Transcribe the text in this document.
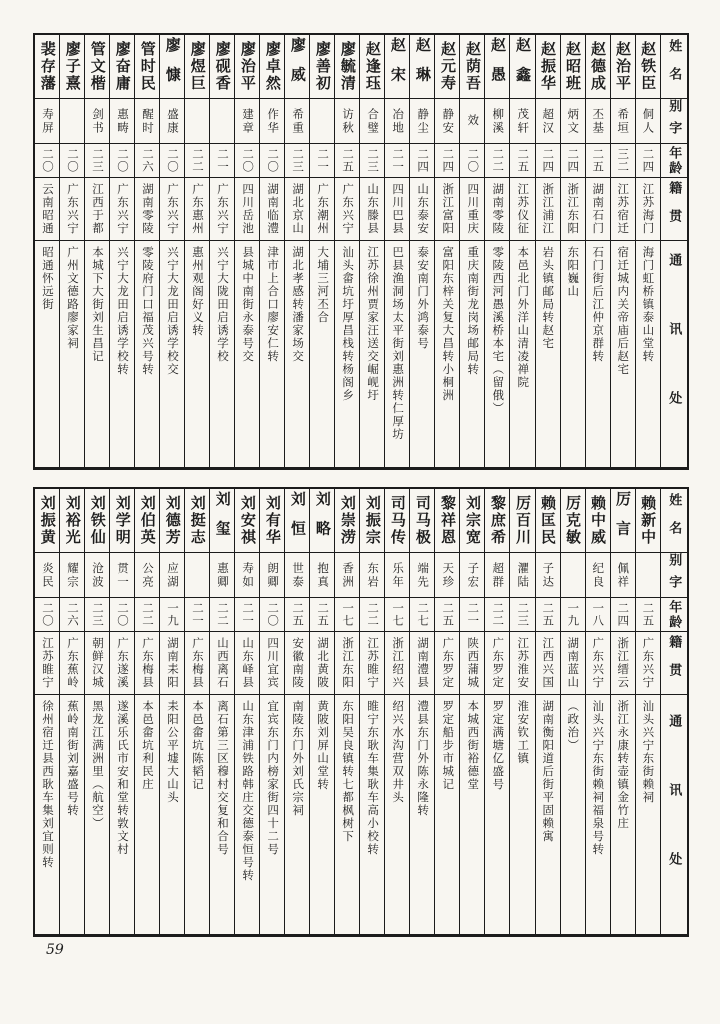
姓名
别字
年龄
籍贯
通讯处
赵铁臣
侗人
二四
江苏海门
海门虹桥镇泰山堂转
赵治平
希垣
三二
江苏宿迁
宿迁城内关帝庙后赵宅
赵德成
丕基
二五
湖南石门
石门街后江仲京群转
赵昭班
炳文
二四
浙江东阳
东阳巍山
赵振华
超汉
二四
浙江浦江
岩头镇邮局转赵宅
赵鑫
茂轩
二五
江苏仪征
本邑北门外洋山清凌禅院
赵愚
柳溪
二二
湖南零陵
零陵西河愚溪桥本宅（留俄）
赵荫吾
效
二〇
四川重庆
重庆南街龙岗场邮局转
赵元寿
静安
二四
浙江富阳
富阳东梓关复大昌转小桐洲
赵琳
静尘
二四
山东泰安
泰安南门外鸿泰号
赵宋
冶地
二一
四川巴县
巴县渔洞场太平街刘惠洲转仁厚坊
赵逢珏
合璧
二三
山东滕县
江苏徐州贾家汪送交崛岘圩
廖毓清
访秋
二五
广东兴宁
汕头畲坑圩厚昌栈转杨阁乡
廖善初
二一
广东潮州
大埔三河丕合
廖威
希重
二三
湖北京山
湖北孝感转潘家场交
廖卓然
作华
二〇
湖南临澧
津市上合口廖安仁转
廖治平
建章
二〇
四川岳池
县城中南街永泰号交
廖砚香
二一
广东兴宁
兴宁大陇田启诱学校
廖煜巨
二二
广东惠州
惠州观阁好义转
廖慷
盛康
二〇
广东兴宁
兴宁大龙田启诱学校交
管时民
醒时
二六
湖南零陵
零陵府门口福茂兴号转
廖奋庸
惠畴
二〇
广东兴宁
兴宁大龙田启诱学校转
管文楷
剑书
二三
江西于都
本城下大街刘生昌记
廖子熹
二〇
广东兴宁
广州文德路廖家祠
裴存藩
寿屏
二〇
云南昭通
昭通怀远街
姓名
别字
年龄
籍贯
通讯处
赖新中
二五
广东兴宁
汕头兴宁东街赖祠
厉言
佩祥
二四
浙江缙云
浙江永康转壶镇金竹庄
赖中威
纪良
一八
广东兴宁
汕头兴宁东街赖祠福泉号转
厉克敏
一九
湖南蓝山
（政治）
赖匡民
子达
二五
江西兴国
湖南衡阳道后街平固赖寓
厉百川
灈陆
二三
江苏淮安
淮安钦工镇
黎庶希
超群
二二
广东罗定
罗定满塘亿盛号
刘宗宽
子宏
二一
陕西蒲城
本城西街裕德堂
黎祥恩
天珍
二五
广东罗定
罗定船步市城记
司马极
端先
二七
湖南澧县
澧县东门外陈永隆转
司马传
乐年
一七
浙江绍兴
绍兴水沟营双井头
刘振宗
东岩
二二
江苏睢宁
睢宁东耿车集耿车高小校转
刘崇涝
香洲
一七
浙江东阳
东阳吴良镇转七都枫树下
刘略
抱真
二五
湖北黄陂
黄陂刘屏山堂转
刘恒
世泰
二五
安徽南陵
南陵东门外刘氏宗祠
刘有华
朗卿
二〇
四川宜宾
宜宾东门内榜家街四十二号
刘安祺
寿如
二一
山东峄县
山东津浦铁路韩庄交德泰恒号转
刘玺
惠卿
二二
山西离石
离石第三区穆村交复和合号
刘挺志
二一
广东梅县
本邑畲坑陈韬记
刘德芳
应湖
一九
湖南耒阳
耒阳公平墟大山头
刘伯英
公亮
二二
广东梅县
本邑畲坑利民庄
刘学明
贯一
二〇
广东遂溪
遂溪乐氏市安和堂转敦文村
刘铁仙
沧波
二三
朝鲜汉城
黑龙江满洲里（航空）
刘裕光
耀宗
二六
广东蕉岭
蕉岭南街刘嘉盛号转
刘振黄
炎民
二〇
江苏睢宁
徐州宿迁县西耿车集刘宜则转
59
